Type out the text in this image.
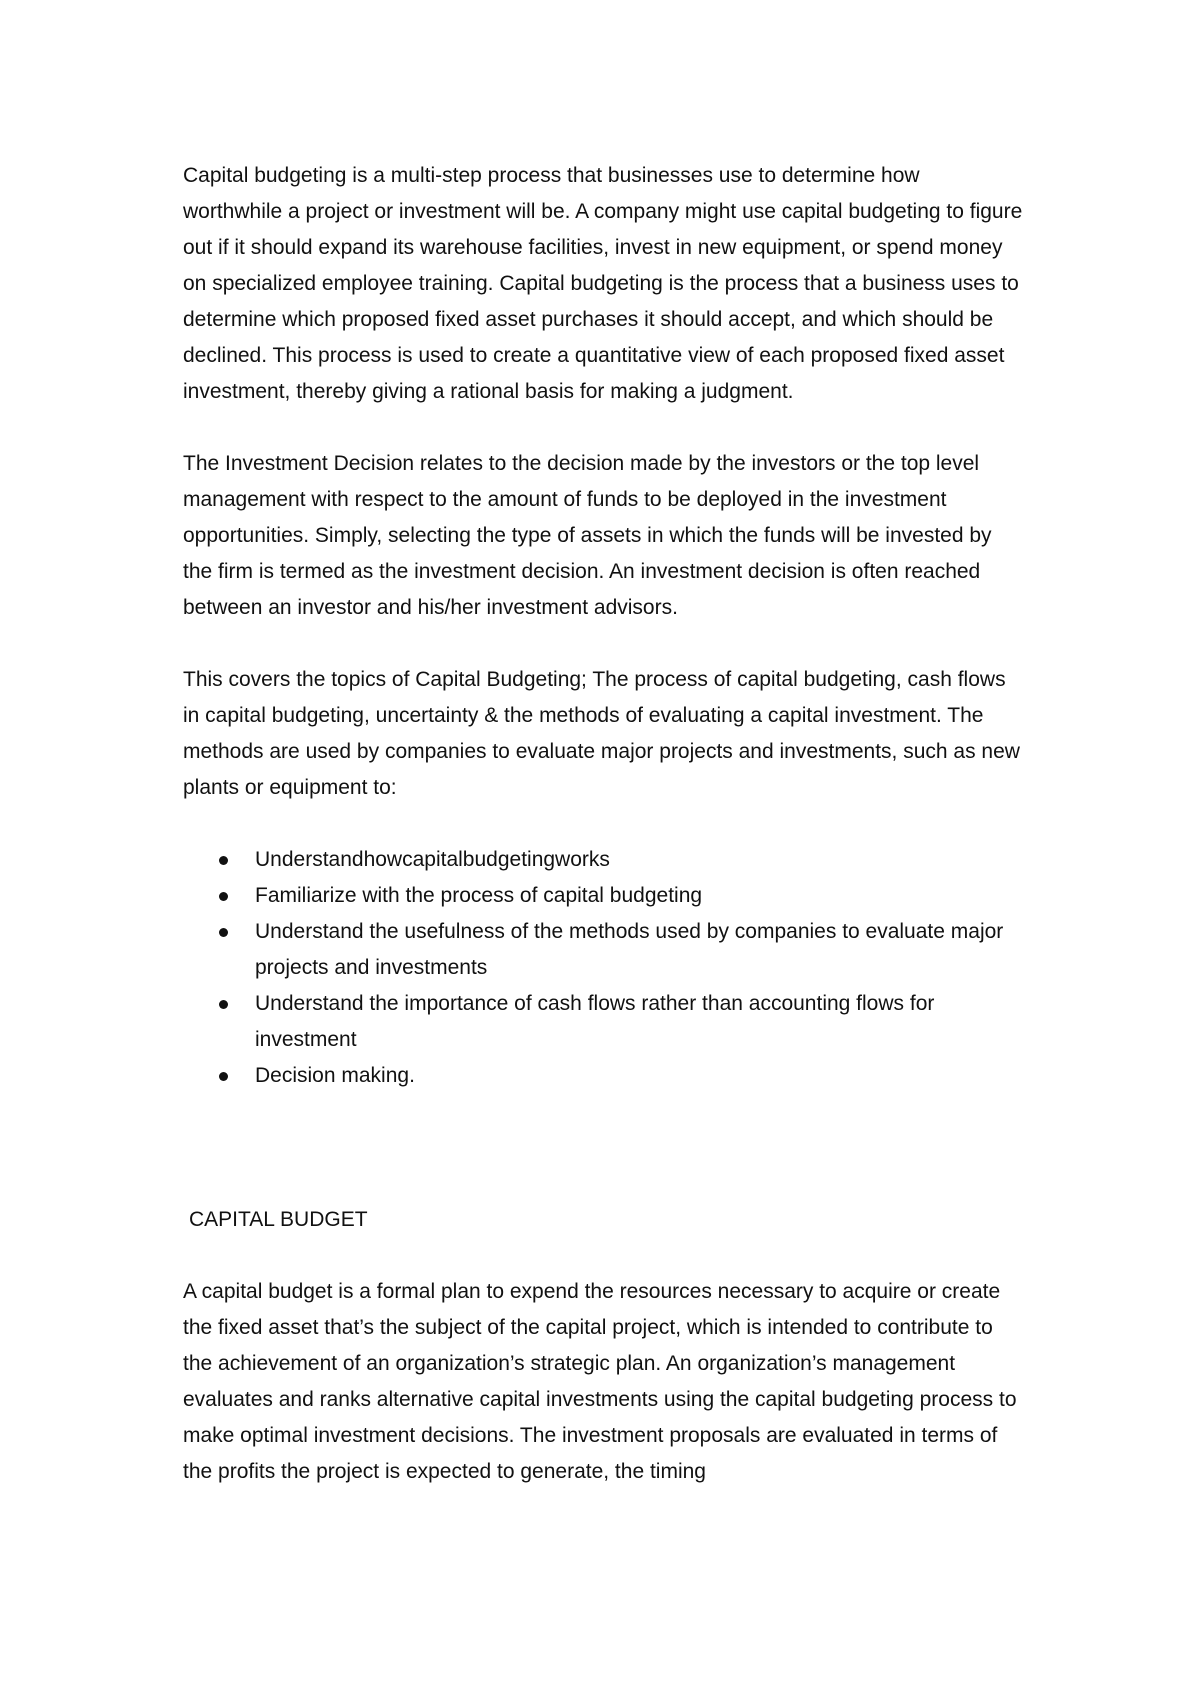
Capital budgeting is a multi-step process that businesses use to determine how worthwhile a project or investment will be. A company might use capital budgeting to figure out if it should expand its warehouse facilities, invest in new equipment, or spend money on specialized employee training. Capital budgeting is the process that a business uses to determine which proposed fixed asset purchases it should accept, and which should be declined. This process is used to create a quantitative view of each proposed fixed asset investment, thereby giving a rational basis for making a judgment.

The Investment Decision relates to the decision made by the investors or the top level management with respect to the amount of funds to be deployed in the investment opportunities. Simply, selecting the type of assets in which the funds will be invested by the firm is termed as the investment decision. An investment decision is often reached between an investor and his/her investment advisors.

This covers the topics of Capital Budgeting; The process of capital budgeting, cash flows in capital budgeting, uncertainty & the methods of evaluating a capital investment. The methods are used by companies to evaluate major projects and investments, such as new plants or equipment to:

Understandhowcapitalbudgetingworks
Familiarize with the process of capital budgeting
Understand the usefulness of the methods used by companies to evaluate major projects and investments
Understand the importance of cash flows rather than accounting flows for investment
Decision making.
CAPITAL BUDGET

A capital budget is a formal plan to expend the resources necessary to acquire or create the fixed asset that’s the subject of the capital project, which is intended to contribute to the achievement of an organization’s strategic plan. An organization’s management evaluates and ranks alternative capital investments using the capital budgeting process to make optimal investment decisions. The investment proposals are evaluated in terms of the profits the project is expected to generate, the timing
